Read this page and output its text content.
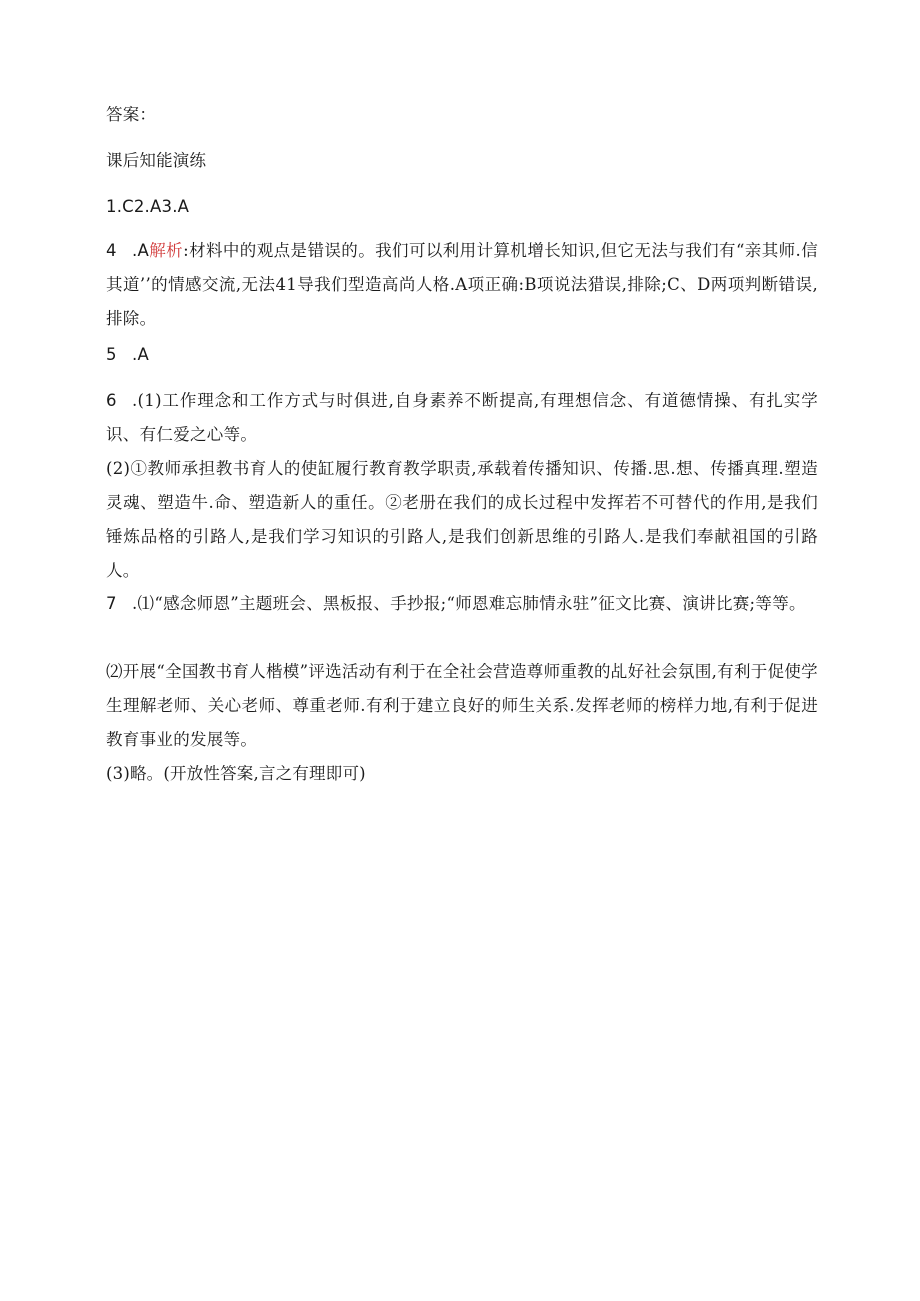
答案：
课后知能演练
1.C2.A3.A
4 .A解析:材料中的观点是错误的。我们可以利用计算机增长知识,但它无法与我们有“亲其师.信其道’’的情感交流,无法41导我们型造高尚人格.A项正确:B项说法猎误,排除;C、D两项判断错误,排除。
5 .A
6 .(1)工作理念和工作方式与时俱进,自身素养不断提高,有理想信念、有道德情操、有扎实学识、有仁爱之心等。
(2)①教师承担教书育人的使缸履行教育教学职责,承载着传播知识、传播.思.想、传播真理.塑造灵魂、塑造牛.命、塑造新人的重任。②老册在我们的成长过程中发挥若不可替代的作用,是我们锤炼品格的引路人,是我们学习知识的引路人,是我们创新思维的引路人.是我们奉献祖国的引路人。
7 .⑴“感念师恩”主题班会、黑板报、手抄报;“师恩难忘肺情永驻”征文比赛、演讲比赛;等等。
⑵开展“全国教书育人楷模”评选活动有利于在全社会营造尊师重教的乩好社会氛围,有利于促使学生理解老师、关心老师、尊重老师.有利于建立良好的师生关系.发挥老师的榜样力地,有利于促进教育事业的发展等。
(3)略。(开放性答案,言之有理即可)
